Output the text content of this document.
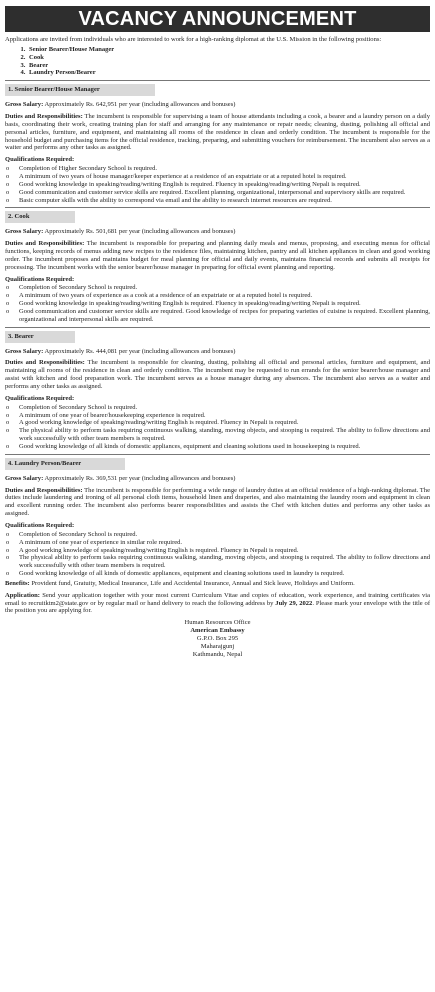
VACANCY ANNOUNCEMENT
Applications are invited from individuals who are interested to work for a high-ranking diplomat at the U.S. Mission in the following positions:
1. Senior Bearer/House Manager
2. Cook
3. Bearer
4. Laundry Person/Bearer
1. Senior Bearer/House Manager

Gross Salary: Approximately Rs. 642,951 per year (including allowances and bonuses)

Duties and Responsibilities: The incumbent is responsible for supervising a team of house attendants including a cook, a bearer and a laundry person on a daily basis, coordinating their work, creating training plan for staff and arranging for any maintenance or repair needs; cleaning, dusting, polishing all official and personal articles, furniture, and equipment, and maintaining all rooms of the residence in clean and orderly condition. The incumbent is responsible for the household budget and purchasing items for the official residence, tracking, preparing, and submitting vouchers for reimbursement. The incumbent also serves as a waiter and performs any other tasks as assigned.

Qualifications Required:
o Completion of Higher Secondary School is required.
o A minimum of two years of house manager/keeper experience at a residence of an expatriate or at a reputed hotel is required.
o Good working knowledge in speaking/reading/writing English is required. Fluency in speaking/reading/writing Nepali is required.
o Good communication and customer service skills are required. Excellent planning, organizational, interpersonal and supervisory skills are required.
o Basic computer skills with the ability to correspond via email and the ability to research internet resources are required.
2. Cook

Gross Salary: Approximately Rs. 501,681 per year (including allowances and bonuses)

Duties and Responsibilities: The incumbent is responsible for preparing and planning daily meals and menus, proposing, and executing menus for official functions, keeping records of menus adding new recipes to the residence files, maintaining kitchen, pantry and all kitchen appliances in clean and good working order. The incumbent proposes and maintains budget for meal planning for official and daily events, maintains financial records and submits all receipts for processing. The incumbent works with the senior bearer/house manager in preparing for official event planning and reporting.

Qualifications Required:
o Completion of Secondary School is required.
o A minimum of two years of experience as a cook at a residence of an expatriate or at a reputed hotel is required.
o Good working knowledge in speaking/reading/writing English is required. Fluency in speaking/reading/writing Nepali is required.
o Good communication and customer service skills are required. Good knowledge of recipes for preparing varieties of cuisine is required. Excellent planning, organizational and interpersonal skills are required.
3. Bearer

Gross Salary: Approximately Rs. 444,081 per year (including allowances and bonuses)

Duties and Responsibilities: The incumbent is responsible for cleaning, dusting, polishing all official and personal articles, furniture and equipment, and maintaining all rooms of the residence in clean and orderly condition. The incumbent may be requested to run errands for the senior bearer/house manager and assist with kitchen and food preparation work. The incumbent serves as a house manager during any absences. The incumbent also serves as a waiter and performs any other tasks as assigned.

Qualifications Required:
o Completion of Secondary School is required.
o A minimum of one year of bearer/housekeeping experience is required.
o A good working knowledge of speaking/reading/writing English is required. Fluency in Nepali is required.
o The physical ability to perform tasks requiring continuous walking, standing, moving objects, and stooping is required. The ability to follow directions and work successfully with other team members is required.
o Good working knowledge of all kinds of domestic appliances, equipment and cleaning solutions used in housekeeping is required.
4. Laundry Person/Bearer

Gross Salary: Approximately Rs. 369,531 per year (including allowances and bonuses)

Duties and Responsibilities: The incumbent is responsible for performing a wide range of laundry duties at an official residence of a high-ranking diplomat. The duties include laundering and ironing of all personal cloth items, household linen and draperies, and also maintaining the laundry room and equipment in clean and excellent running order. The incumbent also performs bearer responsibilities and assists the Chef with kitchen duties and performs any other tasks as assigned.

Qualifications Required:
o Completion of Secondary School is required.
o A minimum of one year of experience in similar role required.
o A good working knowledge of speaking/reading/writing English is required. Fluency in Nepali is required.
o The physical ability to perform tasks requiring continuous walking, standing, moving objects, and stooping is required. The ability to follow directions and work successfully with other team members is required.
o Good working knowledge of all kinds of domestic appliances, equipment and cleaning solutions used in laundry is required.

Benefits: Provident fund, Gratuity, Medical Insurance, Life and Accidental Insurance, Annual and Sick leave, Holidays and Uniform.

Application: Send your application together with your most current Curriculum Vitae and copies of education, work experience, and training certificates via email to recruitktm2@state.gov or by regular mail or hand delivery to reach the following address by July 29, 2022. Please mark your envelope with the title of the position you are applying for.

Human Resources Office
American Embassy
G.P.O. Box 295
Maharajgunj
Kathmandu, Nepal
